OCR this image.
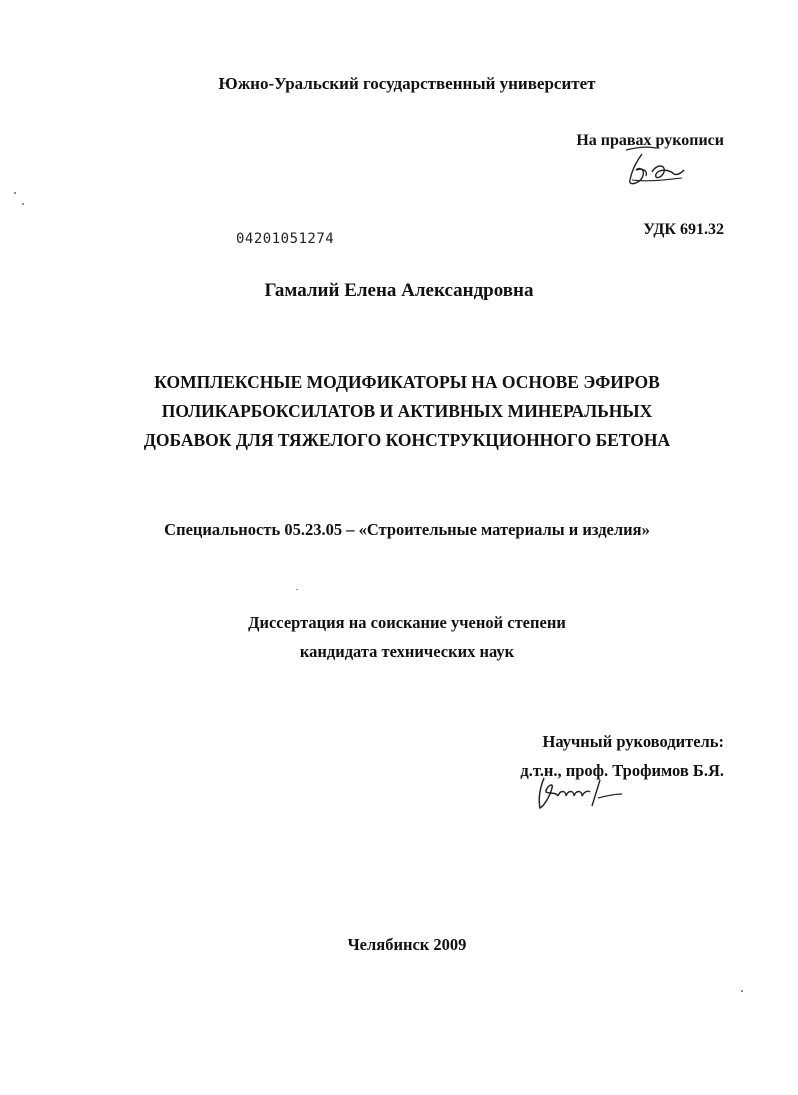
Южно-Уральский государственный университет
На правах рукописи
УДК 691.32
04201051274
Гамалий Елена Александровна
КОМПЛЕКСНЫЕ МОДИФИКАТОРЫ НА ОСНОВЕ ЭФИРОВ
ПОЛИКАРБОКСИЛАТОВ И АКТИВНЫХ МИНЕРАЛЬНЫХ
ДОБАВОК ДЛЯ ТЯЖЕЛОГО КОНСТРУКЦИОННОГО БЕТОНА
Специальность 05.23.05 – «Строительные материалы и изделия»
Диссертация на соискание ученой степени
кандидата технических наук
Научный руководитель:
д.т.н., проф. Трофимов Б.Я.
Челябинск 2009
